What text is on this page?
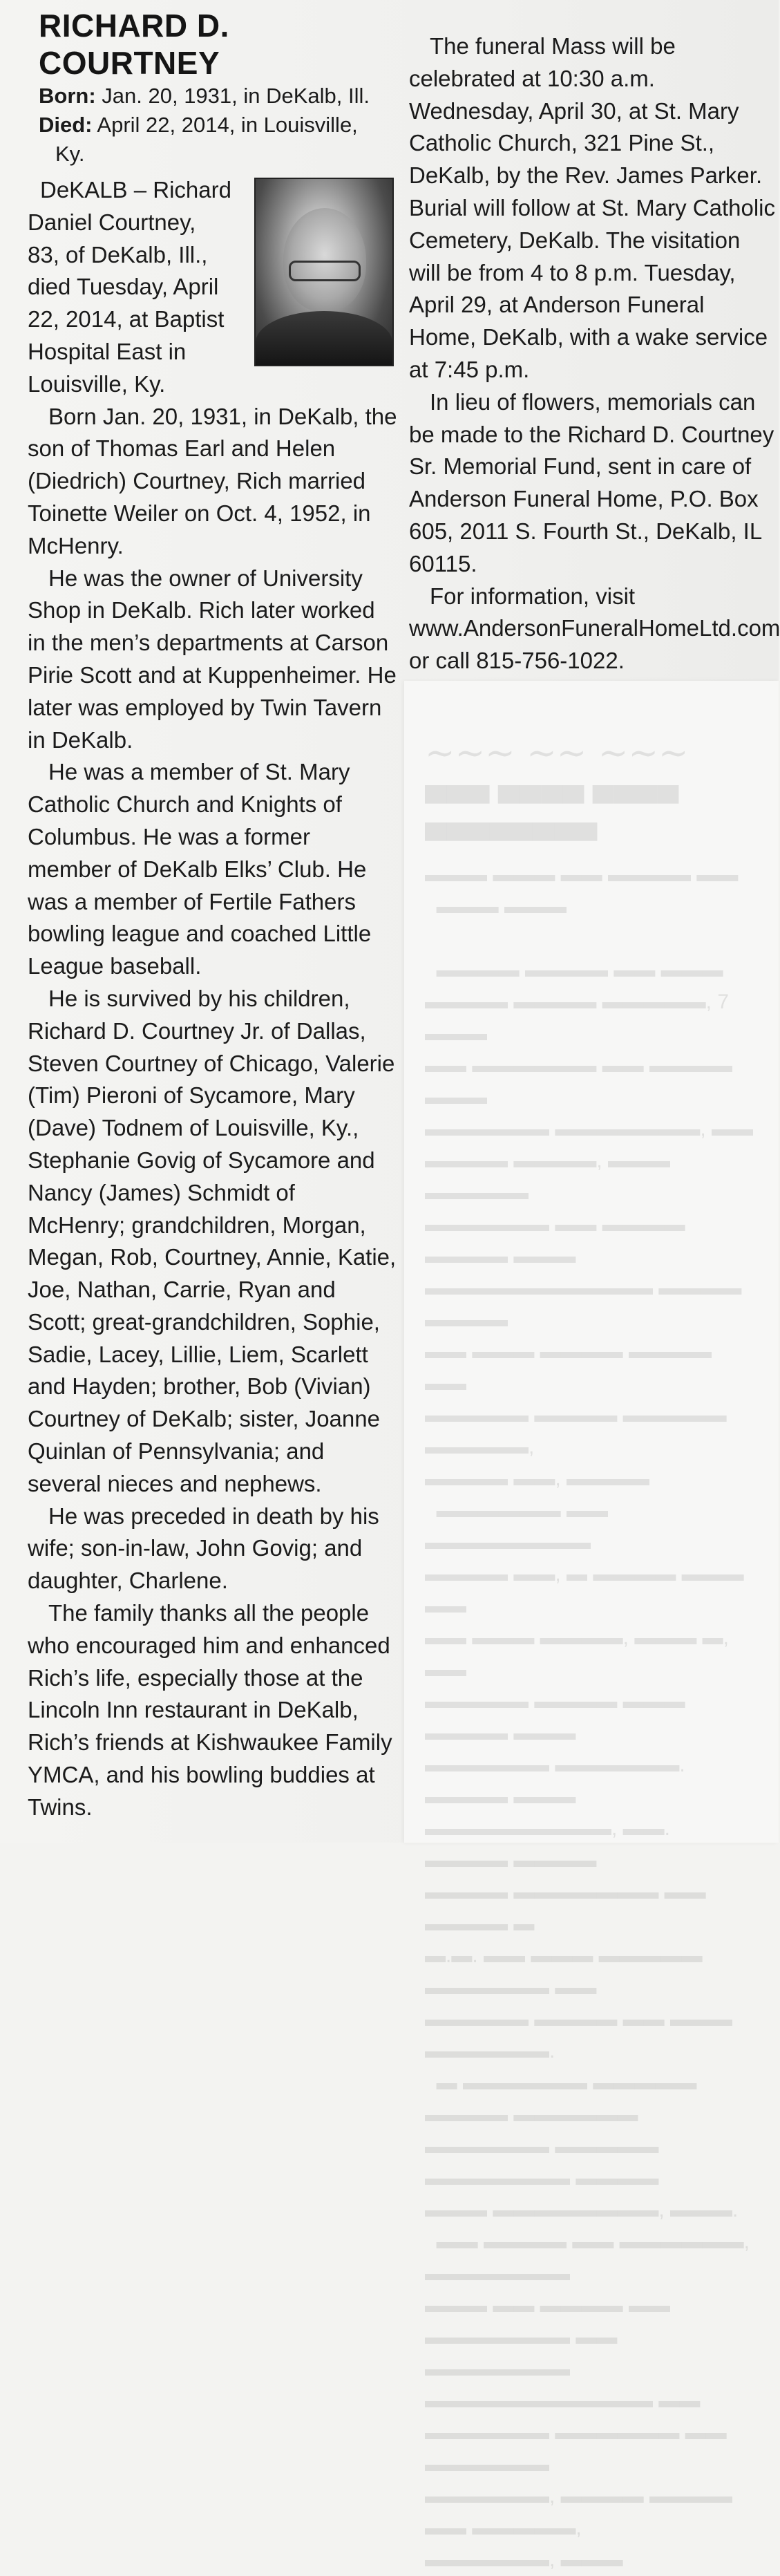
~~~ ~~ ~~~
▀▀▀ ▀▀▀▀ ▀▀▀▀
▀▀▀▀▀▀▀▀
▬▬▬ ▬▬▬ ▬▬ ▬▬▬▬ ▬▬
▬▬▬ ▬▬▬

▬▬▬▬ ▬▬▬▬ ▬▬ ▬▬▬
▬▬▬▬ ▬▬▬▬ ▬▬▬▬▬, 7 ▬▬▬
▬▬ ▬▬▬▬▬▬ ▬▬ ▬▬▬▬ ▬▬▬
▬▬▬▬▬▬ ▬▬▬▬▬▬▬, ▬▬
▬▬▬▬ ▬▬▬▬, ▬▬▬ ▬▬▬▬▬
▬▬▬▬▬▬ ▬▬ ▬▬▬▬ ▬▬▬▬ ▬▬▬
▬▬▬▬▬▬▬▬▬▬▬ ▬▬▬▬ ▬▬▬▬
▬▬ ▬▬▬ ▬▬▬▬ ▬▬▬▬ ▬▬
▬▬▬▬▬ ▬▬▬▬ ▬▬▬▬▬ ▬▬▬▬▬,
▬▬▬▬ ▬▬, ▬▬▬▬
▬▬▬▬▬▬ ▬▬ ▬▬▬▬▬▬▬▬
▬▬▬▬ ▬▬, ▬ ▬▬▬▬ ▬▬▬ ▬▬
▬▬ ▬▬▬ ▬▬▬▬, ▬▬▬ ▬, ▬▬
▬▬▬▬▬ ▬▬▬▬ ▬▬▬ ▬▬▬▬ ▬▬▬
▬▬▬▬▬▬ ▬▬▬▬▬▬. ▬▬▬▬ ▬▬▬
▬▬▬▬▬▬▬▬▬, ▬▬. ▬▬▬▬ ▬▬▬▬
▬▬▬▬ ▬▬▬▬▬▬▬ ▬▬ ▬▬▬▬ ▬
▬.▬. ▬▬ ▬▬▬ ▬▬▬▬▬ ▬▬▬▬▬▬ ▬▬
▬▬▬▬▬ ▬▬▬▬ ▬▬ ▬▬▬ ▬▬▬▬▬▬.
▬ ▬▬▬▬▬▬ ▬▬▬▬▬ ▬▬▬▬ ▬▬▬▬▬▬
▬▬▬▬▬▬ ▬▬▬▬▬ ▬▬▬▬▬▬▬ ▬▬▬▬
▬▬▬ ▬▬▬▬▬▬▬▬, ▬▬▬.
▬▬ ▬▬▬▬ ▬▬ ▬▬▬▬▬▬, ▬▬▬▬▬▬▬
▬▬▬ ▬▬ ▬▬▬▬ ▬▬ ▬▬▬▬▬▬▬ ▬▬
▬▬▬▬▬▬▬ ▬▬▬▬▬▬▬▬▬▬▬ ▬▬
▬▬▬▬▬▬ ▬▬▬▬▬▬ ▬▬ ▬▬▬▬▬▬
▬▬▬▬▬▬, ▬▬▬▬ ▬▬▬▬ ▬▬ ▬▬▬▬▬,
▬▬▬▬▬▬, ▬▬▬
RICHARD D. COURTNEY

Born: Jan. 20, 1931, in DeKalb, Ill.

Died: April 22, 2014, in Louisville,

Ky.

DeKALB – Richard
Daniel Courtney,
83, of DeKalb, Ill.,
died Tuesday, April
22, 2014, at Baptist
Hospital East in
Louisville, Ky.

Born Jan. 20, 1931, in DeKalb, the son of Thomas Earl and Helen (Diedrich) Courtney, Rich married Toinette Weiler on Oct. 4, 1952, in McHenry.

He was the owner of University Shop in DeKalb. Rich later worked in the men’s departments at Carson Pirie Scott and at Kuppenheimer. He later was employed by Twin Tavern in DeKalb.

He was a member of St. Mary Catholic Church and Knights of Columbus. He was a former member of DeKalb Elks’ Club. He was a member of Fertile Fathers bowling league and coached Little League baseball.

He is survived by his children, Richard D. Courtney Jr. of Dallas, Steven Courtney of Chicago, Valerie (Tim) Pieroni of Sycamore, Mary (Dave) Todnem of Louisville, Ky., Stephanie Govig of Sycamore and Nancy (James) Schmidt of McHenry; grandchildren, Morgan, Megan, Rob, Courtney, Annie, Katie, Joe, Nathan, Carrie, Ryan and Scott; great-grandchildren, Sophie, Sadie, Lacey, Lillie, Liem, Scarlett and Hayden; brother, Bob (Vivian) Courtney of DeKalb; sister, Joanne Quinlan of Pennsylvania; and several nieces and nephews.

He was preceded in death by his wife; son-in-law, John Govig; and daughter, Charlene.

The family thanks all the people who encouraged him and enhanced Rich’s life, especially those at the Lincoln Inn restaurant in DeKalb, Rich’s friends at Kishwaukee Family YMCA, and his bowling buddies at Twins.

The funeral Mass will be celebrated at 10:30 a.m. Wednesday, April 30, at St. Mary Catholic Church, 321 Pine St., DeKalb, by the Rev. James Parker. Burial will follow at St. Mary Catholic Cemetery, DeKalb. The visitation will be from 4 to 8 p.m. Tuesday, April 29, at Anderson Funeral Home, DeKalb, with a wake service at 7:45 p.m.

In lieu of flowers, memorials can be made to the Richard D. Courtney Sr. Memorial Fund, sent in care of Anderson Funeral Home, P.O. Box 605, 2011 S. Fourth St., DeKalb, IL 60115.

For information, visit www.AndersonFuneralHomeLtd.com or call 815-756-1022.
